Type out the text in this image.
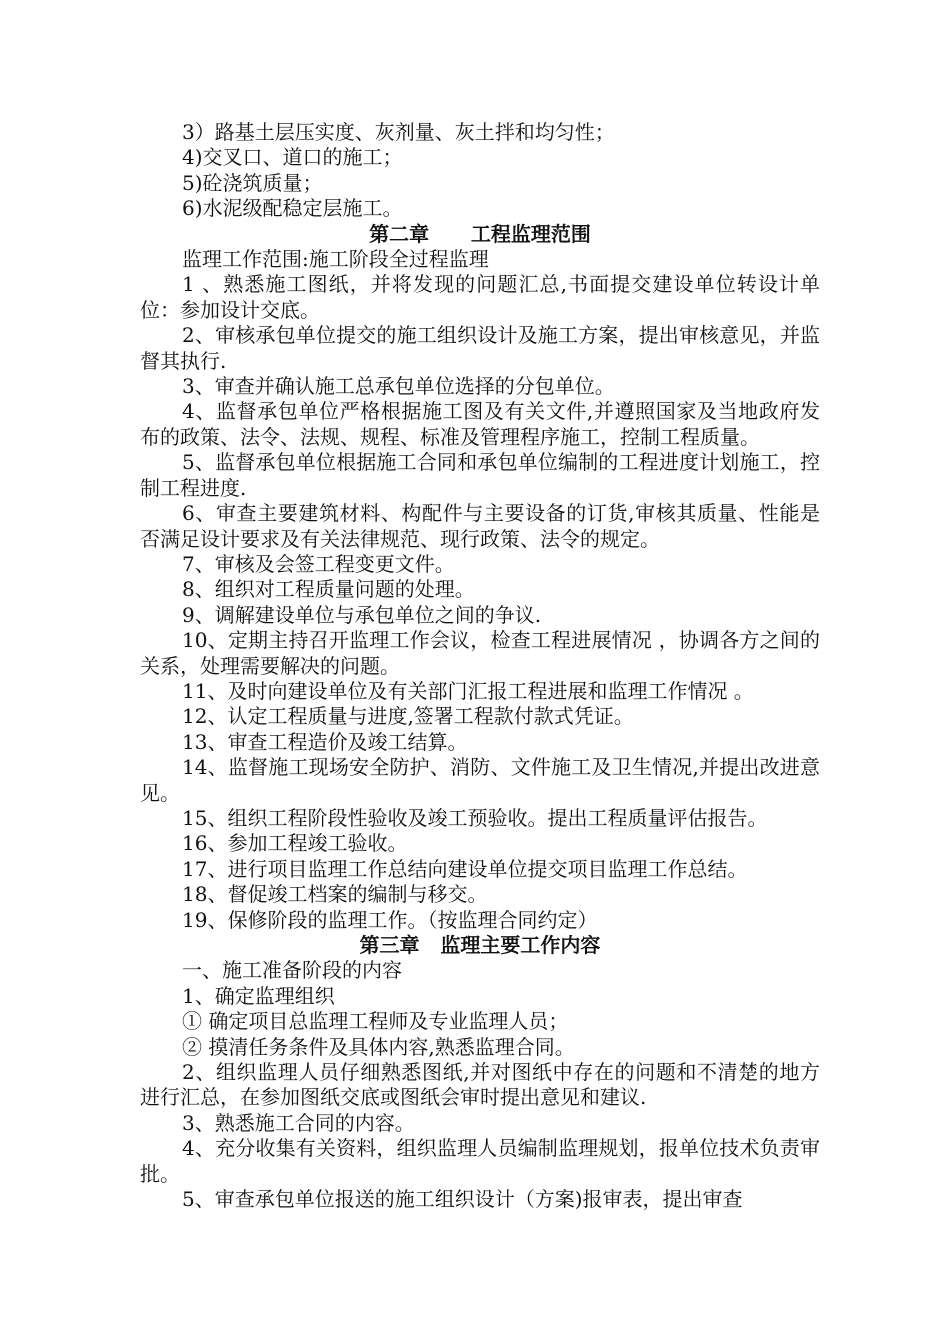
3）路基土层压实度、灰剂量、灰土拌和均匀性；

4)交叉口、道口的施工；

5)砼浇筑质量；

6)水泥级配稳定层施工。

第二章      工程监理范围

监理工作范围:施工阶段全过程监理

1 、熟悉施工图纸，并将发现的问题汇总,书面提交建设单位转设计单位：参加设计交底。

2、审核承包单位提交的施工组织设计及施工方案，提出审核意见，并监督其执行.

3、审查并确认施工总承包单位选择的分包单位。

4、监督承包单位严格根据施工图及有关文件,并遵照国家及当地政府发布的政策、法令、法规、规程、标准及管理程序施工，控制工程质量。

5、监督承包单位根据施工合同和承包单位编制的工程进度计划施工，控制工程进度.

6、审查主要建筑材料、构配件与主要设备的订货,审核其质量、性能是否满足设计要求及有关法律规范、现行政策、法令的规定。

7、审核及会签工程变更文件。

8、组织对工程质量问题的处理。

9、调解建设单位与承包单位之间的争议.

10、定期主持召开监理工作会议，检查工程进展情况 ，协调各方之间的关系，处理需要解决的问题。

11、及时向建设单位及有关部门汇报工程进展和监理工作情况 。

12、认定工程质量与进度,签署工程款付款式凭证。

13、审查工程造价及竣工结算。

14、监督施工现场安全防护、消防、文件施工及卫生情况,并提出改进意见。

15、组织工程阶段性验收及竣工预验收。提出工程质量评估报告。

16、参加工程竣工验收。

17、进行项目监理工作总结向建设单位提交项目监理工作总结。

18、督促竣工档案的编制与移交。

19、保修阶段的监理工作。（按监理合同约定）

第三章   监理主要工作内容

一、施工准备阶段的内容

1、确定监理组织

① 确定项目总监理工程师及专业监理人员；

② 摸清任务条件及具体内容,熟悉监理合同。

2、组织监理人员仔细熟悉图纸,并对图纸中存在的问题和不清楚的地方进行汇总，在参加图纸交底或图纸会审时提出意见和建议.

3、熟悉施工合同的内容。

4、充分收集有关资料，组织监理人员编制监理规划，报单位技术负责审批。

5、审查承包单位报送的施工组织设计（方案)报审表，提出审查
